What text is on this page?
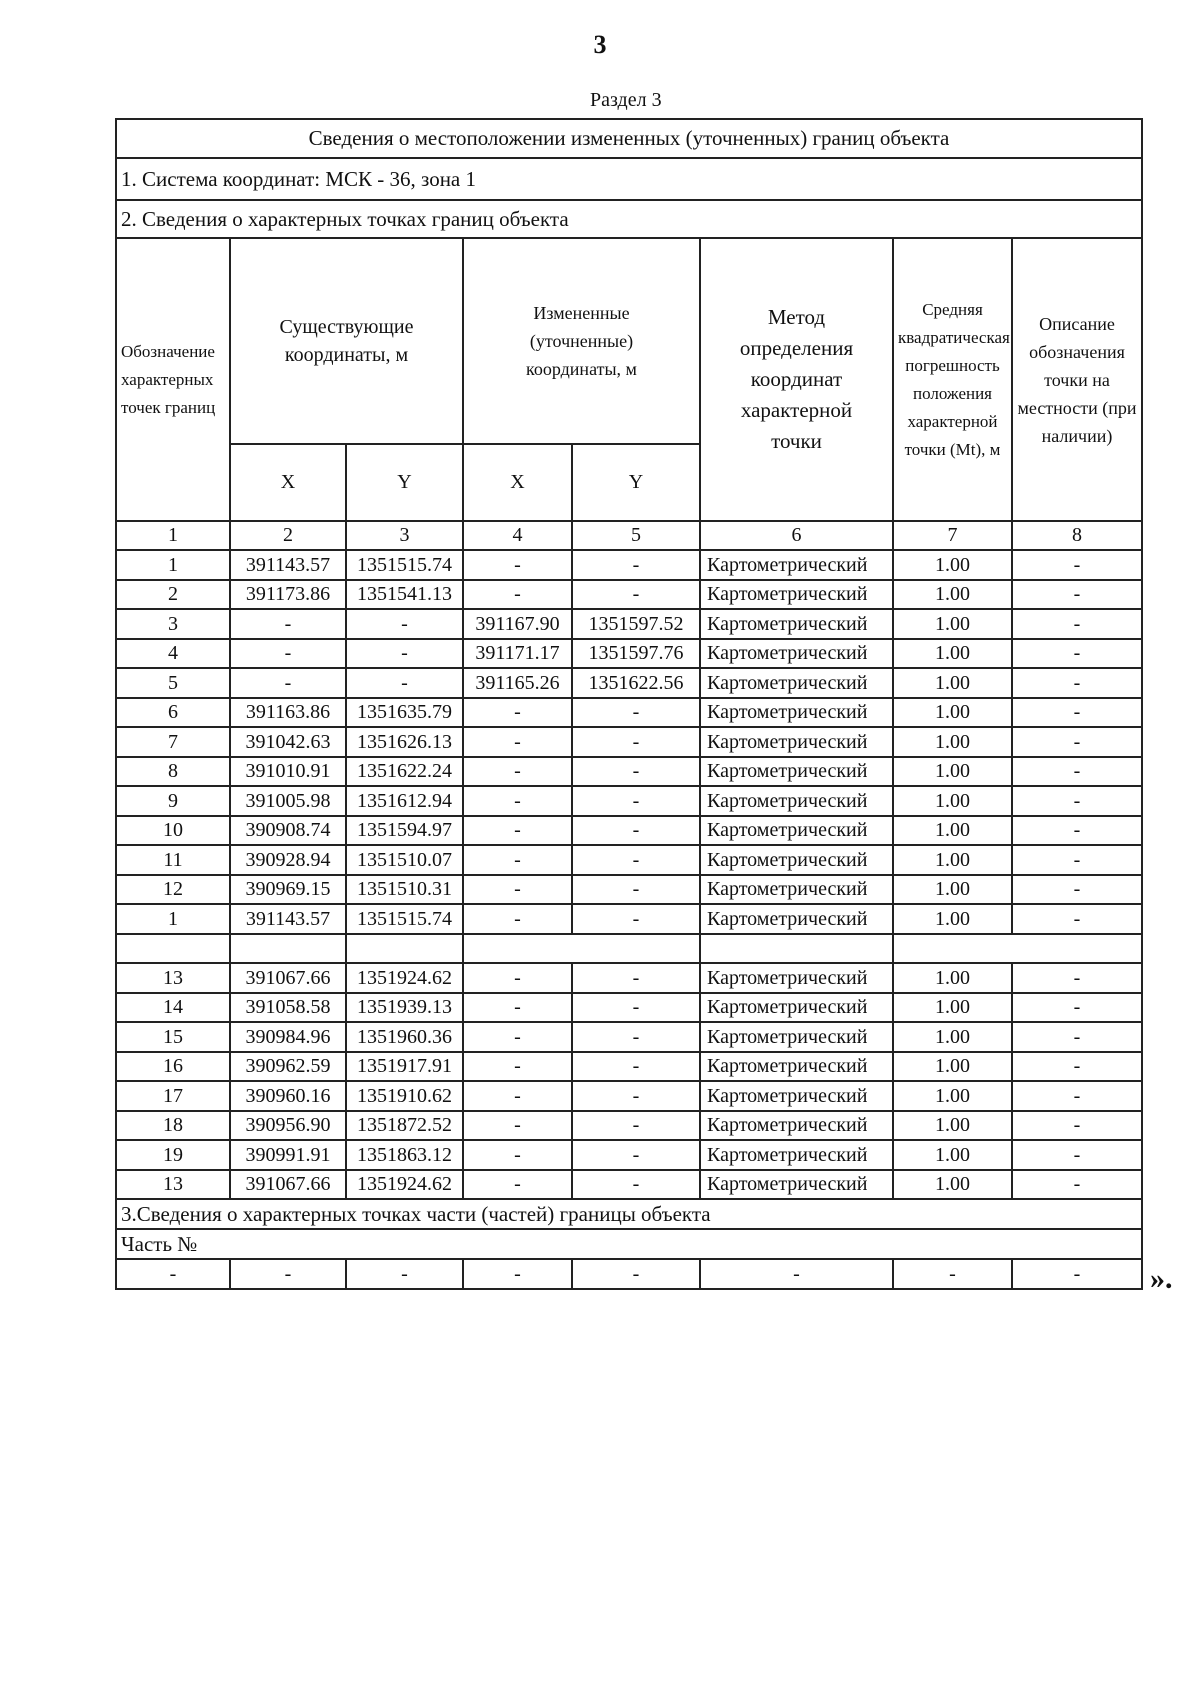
3
Раздел 3
Сведения о местоположении измененных (уточненных) границ объекта							
1. Система координат: МСК - 36, зона 1							
2. Сведения о характерных точках границ объекта							
Обозначение характерных точек границ	Существующие координаты, м		Измененные (уточненные) координаты, м		Метод определения координат характерной точки	Средняя квадратическая погрешность положения характерной точки (Mt), м	Описание обозначения точки на местности (при наличии)
	X	Y	X	Y			
1	2	3	4	5	6	7	8
1	391143.57	1351515.74	-	-	Картометрический	1.00	-
2	391173.86	1351541.13	-	-	Картометрический	1.00	-
3	-	-	391167.90	1351597.52	Картометрический	1.00	-
4	-	-	391171.17	1351597.76	Картометрический	1.00	-
5	-	-	391165.26	1351622.56	Картометрический	1.00	-
6	391163.86	1351635.79	-	-	Картометрический	1.00	-
7	391042.63	1351626.13	-	-	Картометрический	1.00	-
8	391010.91	1351622.24	-	-	Картометрический	1.00	-
9	391005.98	1351612.94	-	-	Картометрический	1.00	-
10	390908.74	1351594.97	-	-	Картометрический	1.00	-
11	390928.94	1351510.07	-	-	Картометрический	1.00	-
12	390969.15	1351510.31	-	-	Картометрический	1.00	-
1	391143.57	1351515.74	-	-	Картометрический	1.00	-

13	391067.66	1351924.62	-	-	Картометрический	1.00	-
14	391058.58	1351939.13	-	-	Картометрический	1.00	-
15	390984.96	1351960.36	-	-	Картометрический	1.00	-
16	390962.59	1351917.91	-	-	Картометрический	1.00	-
17	390960.16	1351910.62	-	-	Картометрический	1.00	-
18	390956.90	1351872.52	-	-	Картометрический	1.00	-
19	390991.91	1351863.12	-	-	Картометрический	1.00	-
13	391067.66	1351924.62	-	-	Картометрический	1.00	-
3.Сведения о характерных точках части (частей) границы объекта							
Часть №							
-	-	-	-	-	-	-	- ».
